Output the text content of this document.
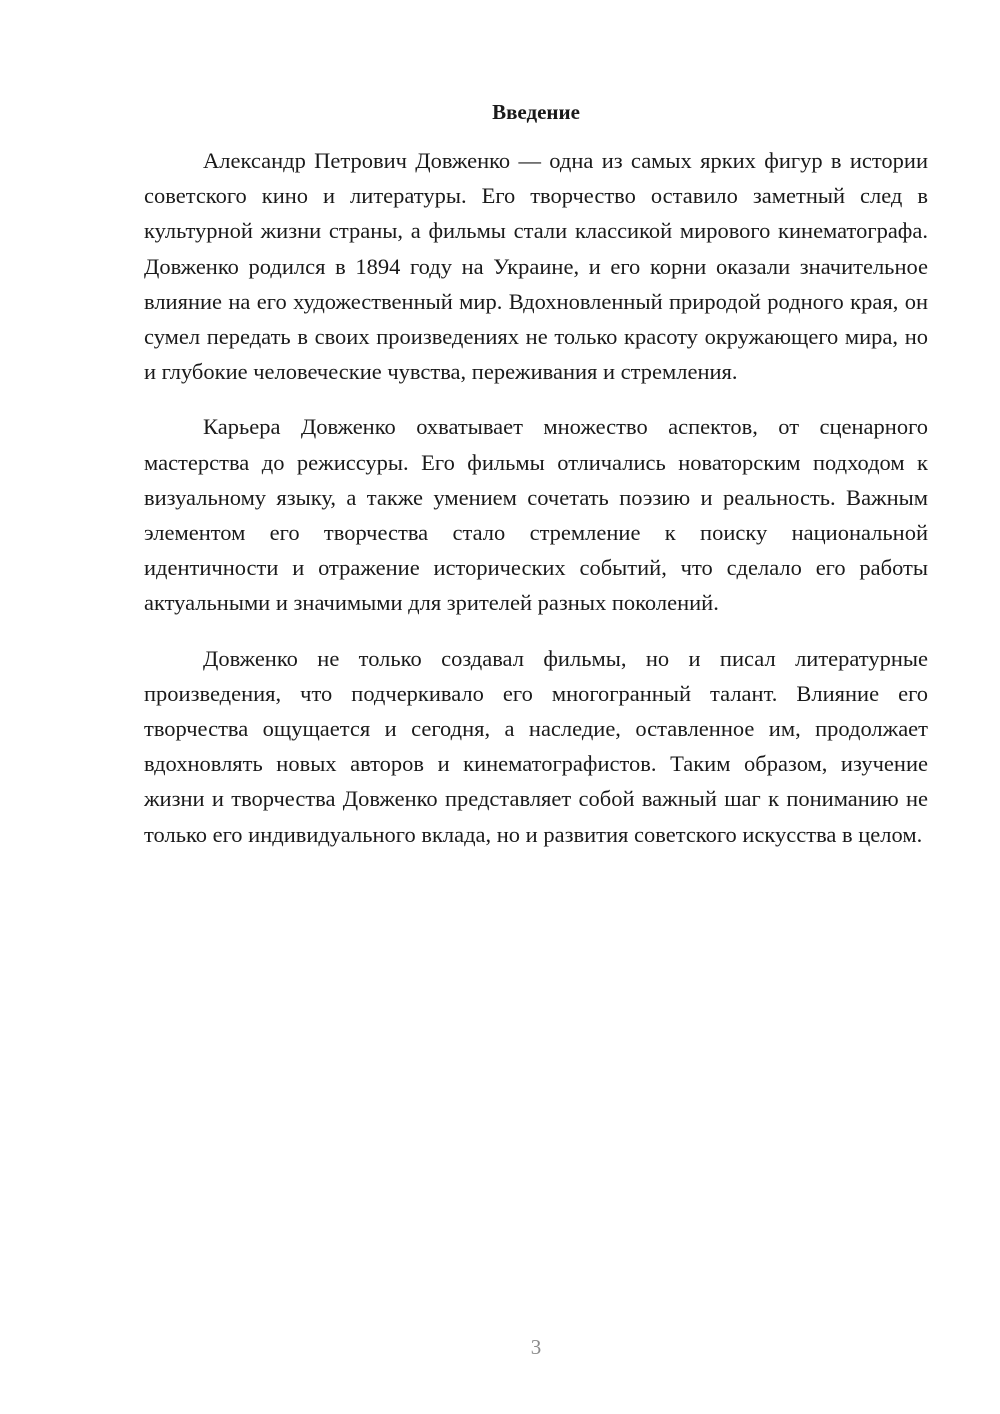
Введение

Александр Петрович Довженко — одна из самых ярких фигур в истории советского кино и литературы. Его творчество оставило заметный след в культурной жизни страны, а фильмы стали классикой мирового кинематографа. Довженко родился в 1894 году на Украине, и его корни оказали значительное влияние на его художественный мир. Вдохновленный природой родного края, он сумел передать в своих произведениях не только красоту окружающего мира, но и глубокие человеческие чувства, переживания и стремления.

Карьера Довженко охватывает множество аспектов, от сценарного мастерства до режиссуры. Его фильмы отличались новаторским подходом к визуальному языку, а также умением сочетать поэзию и реальность. Важным элементом его творчества стало стремление к поиску национальной идентичности и отражение исторических событий, что сделало его работы актуальными и значимыми для зрителей разных поколений.

Довженко не только создавал фильмы, но и писал литературные произведения, что подчеркивало его многогранный талант. Влияние его творчества ощущается и сегодня, а наследие, оставленное им, продолжает вдохновлять новых авторов и кинематографистов. Таким образом, изучение жизни и творчества Довженко представляет собой важный шаг к пониманию не только его индивидуального вклада, но и развития советского искусства в целом.

3
